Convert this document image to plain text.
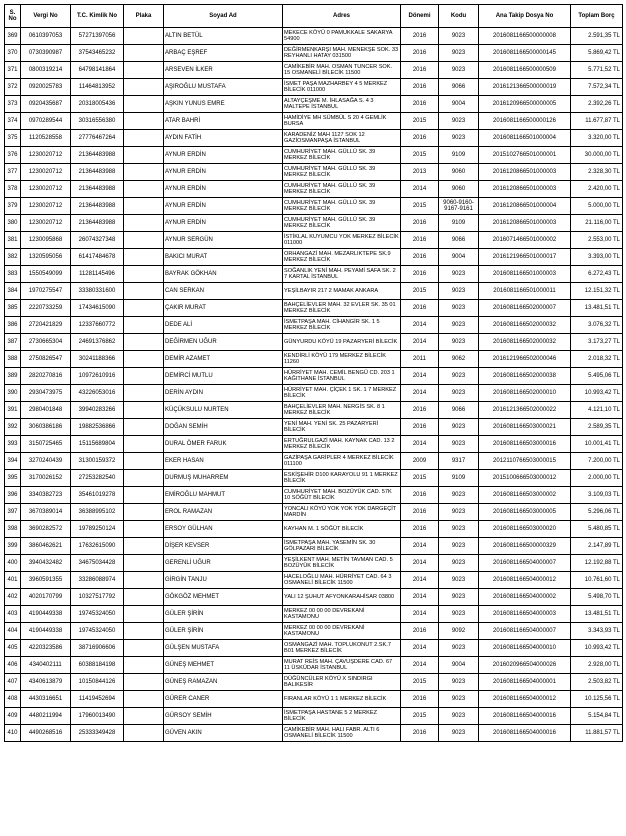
S. No	Vergi No	T.C. Kimlik No	Plaka	Soyad Ad	Adres	Dönemi	Kodu	Ana Takip Dosya No	Toplam Borç
369	0610397053	57271397056		ALTIN BETÜL	MEKECE KÖYÜ 0 PAMUKKALE SAKARYA 54900	2016	9023	2016081166500000008	2.591,35 TL
370	0730390987	37543465232		ARBAÇ EŞREF	DEĞİRMENKARŞI MAH. MENEKŞE SOK. 33 REYHANLI HATAY 031500	2016	9023	2016081166500000145	5.869,42 TL
371	0800319214	64798141864		ARSEVEN İLKER	CAMİKEBİR MAH. OSMAN TUNCER SOK. 15 OSMANELİ BİLECİK 11500	2016	9023	2016081166500000509	5.771,52 TL
372	0920025783	11464813952		AŞIROĞLU MUSTAFA	İSMET PAŞA MAZHARBEY 4 5 MERKEZ BİLECİK 011000	2016	9066	2016121366500000019	7.572,34 TL
373	0920435687	20318005436		AŞKIN YUNUS EMRE	ALTAYÇEŞME M. İHLASAĞA S. 4 3 MALTEPE İSTANBUL	2016	9004	2016120966500000005	2.392,26 TL
374	0970289544	30316556380		ATAR BAHRİ	HAMİDİYE MH SÜMBÜL S 20 4 GEMLİK BURSA	2015	9023	2016081166500000126	11.677,87 TL
375	1120528558	27776467264		AYDIN FATİH	KARADENİZ MAH 1127 SOK 12 GAZİOSMANPAŞA İSTANBUL	2016	9023	2016081166501000004	3.320,00 TL
376	1230020712	21364483988		AYNUR ERDİN	CUMHURİYET MAH. GÜLLÜ SK. 39 MERKEZ BİLECİK	2015	9109	2015102766501000001	30.000,00 TL
377	1230020712	21364483988		AYNUR ERDİN	CUMHURİYET MAH. GÜLLÜ SK. 39 MERKEZ BİLECİK	2013	9060	2016120866501000003	2.328,30 TL
378	1230020712	21364483988		AYNUR ERDİN	CUMHURİYET MAH. GÜLLÜ SK. 39 MERKEZ BİLECİK	2014	9060	2016120866501000003	2.420,00 TL
379	1230020712	21364483988		AYNUR ERDİN	CUMHURİYET MAH. GÜLLÜ SK. 39 MERKEZ BİLECİK	2015	9060-9160-9167-9161	2016120866501000004	5.000,00 TL
380	1230020712	21364483988		AYNUR ERDİN	CUMHURİYET MAH. GÜLLÜ SK. 39 MERKEZ BİLECİK	2016	9109	2016120866501000003	21.116,00 TL
381	1230095868	26074327348		AYNUR SERGÜN	İSTİKLAL KUYUMCU YOK MERKEZ BİLECİK 011000	2016	9066	2016071466501000002	2.553,00 TL
382	1320595056	61417484678		BAKICI MURAT	ORHANGAZİ MAH. MEZARLIKTEPE SK.9 MERKEZ BİLECİK	2016	9004	2016121966501000017	3.393,00 TL
383	1550549099	11281145496		BAYRAK GÖKHAN	SOĞANLIK YENİ MAH. PEYAMİ SAFA SK. 2 7 KARTAL İSTANBUL	2016	9023	2016081166501000003	6.272,43 TL
384	1970275547	33380331600		CAN SERKAN	YEŞİLBAYIR 217 2 MAMAK ANKARA	2015	9023	2016081166501000011	12.151,32 TL
385	2220733259	17434615090		ÇAKIR MURAT	BAHÇELİEVLER MAH. 32 EVLER SK. 35 01 MERKEZ BİLECİK	2016	9023	2016081166502000007	13.481,51 TL
386	2720421829	12337660772		DEDE ALİ	İSMETPAŞA MAH. CİHANGİR SK. 1 5 MERKEZ BİLECİK	2014	9023	2016081166502000032	3.076,32 TL
387	2730665304	24691376862		DEĞİRMEN UĞUR	GÜNYURDU KÖYÜ 19 PAZARYERİ BİLECİK	2014	9023	2016081166502000032	3.173,27 TL
388	2750826547	30241188366		DEMİR AZAMET	KENDİRLİ KÖYÜ 179 MERKEZ BİLECİK 11260	2011	9062	2016121966502000046	2.018,32 TL
389	2820270816	10972610916		DEMİRCİ MUTLU	HÜRRİYET MAH. CEMİL BENGÜ CD. 203 1 KAĞITHANE İSTANBUL	2014	9023	2016081166502000038	5.495,06 TL
390	2930473975	43226053016		DERİN AYDIN	HÜRRİYET MAH. ÇİÇEK 1 SK. 1 7 MERKEZ BİLECİK	2014	9023	2016081166502000010	10.993,42 TL
391	2980401848	39940283266		KÜÇÜKSULU NURTEN	BAHÇELİEVLER MAH. NERGİS SK. 8 1 MERKEZ BİLECİK	2016	9066	2016121366502000022	4.121,10 TL
392	3060386186	19882536866		DOĞAN SEMİH	YENİ MAH. YENİ SK. 25 PAZARYERİ BİLECİK	2016	9023	2016081166503000021	2.589,35 TL
393	3150725465	15115689804		DURAL ÖMER FARUK	ERTUĞRULGAZİ MAH. KAYNAK CAD. 13 2 MERKEZ BİLECİK	2014	9023	2016081166503000016	10.001,41 TL
394	3270240439	31300159372		EKER HASAN	GAZİPAŞA GARİPLER 4 MERKEZ BİLECİK 011100	2009	9317	2012110766503000015	7.200,00 TL
395	3170026152	27253282540		DURMUŞ MUHARREM	ESKİŞEHİR D100 KARAYOLU 91 1 MERKEZ BİLECİK	2015	9109	2015100666503000012	2.000,00 TL
396	3340382723	35461019278		EMİROĞLU MAHMUT	CUMHURİYET MAH. BOZÜYÜK CAD. 57K 10 SÖĞÜT BİLECİK	2016	9023	2016081166503000002	3.109,03 TL
397	3670389014	36388995102		EROL RAMAZAN	YONCALI KÖYÜ YOK YOK YOK DARGEÇİT MARDİN	2016	9023	2016081166503000005	5.296,06 TL
398	3690282572	19789250124		ERSOY GÜLHAN	KAYHAN M. 1 SÖĞÜT BİLECİK	2016	9023	2016081166503000020	5.480,85 TL
399	3860462621	17632615090		DİŞER KEVSER	İSMETPAŞA MAH. YASEMİN SK. 30 GÖLPAZARI BİLECİK	2014	9023	2016081166500000329	2.147,89 TL
400	3940432482	34675034428		GERENLİ UĞUR	YEŞİLKENT MAH. METİN TAVMAN CAD. 5 BOZÜYÜK BİLECİK	2014	9023	2016081166504000007	12.192,88 TL
401	3960591355	33286088974		GİRGİN TANJU	HACELOĞLU MAH. HÜRRİYET CAD. 64 3 OSMANELİ BİLECİK 11500	2014	9023	2016081166504000012	10.761,60 TL
402	4020170799	10327517792		GÖKGÖZ MEHMET	YALI 12 ŞUHUT AFYONKARAHİSAR 03800	2014	9023	2016081166504000002	5.498,70 TL
403	4190449338	19745324050		GÜLER ŞİRİN	MERKEZ 00 00 00 DEVREKANİ KASTAMONU	2014	9023	2016081166504000003	13.481,51 TL
404	4190449338	19745324050		GÜLER ŞİRİN	MERKEZ 00 00 00 DEVREKANİ KASTAMONU	2016	9092	2016081166504000007	3.343,93 TL
405	4220323586	38716906606		GÜLŞEN MUSTAFA	OSMANGAZİ MAH. TOPLUKONUT 2.SK.7 B01 MERKEZ BİLECİK	2014	9023	2016081166504000010	10.993,42 TL
406	4340402111	60388184198		GÜNEŞ MEHMET	MURAT REİS MAH. ÇAVUŞDERE CAD. 67 11 ÜSKÜDAR İSTANBUL	2014	9004	2016020966504000026	2.928,00 TL
407	4340613879	10150844126		GÜNEŞ RAMAZAN	DÜĞÜNCÜLER KÖYÜ X SINDIRGI BALIKESİR	2015	9023	2016081166504000001	2.503,82 TL
408	4430316651	11419452694		GÜRER CANER	FIRANLAR KÖYÜ 1 1 MERKEZ BİLECİK	2016	9023	2016081166504000012	10.125,56 TL
409	4480211994	17960013490		GÜRSOY SEMİH	İSMETPAŞA HASTANE 5 2 MERKEZ BİLECİK	2015	9023	2016081166504000016	5.154,84 TL
410	4490268516	25333349428		GÜVEN AKIN	CAMİKEBİR MAH. HALI FABR. ALTI 6 OSMANELİ BİLECİK 11500	2016	9023	2016081166504000016	11.881,57 TL
